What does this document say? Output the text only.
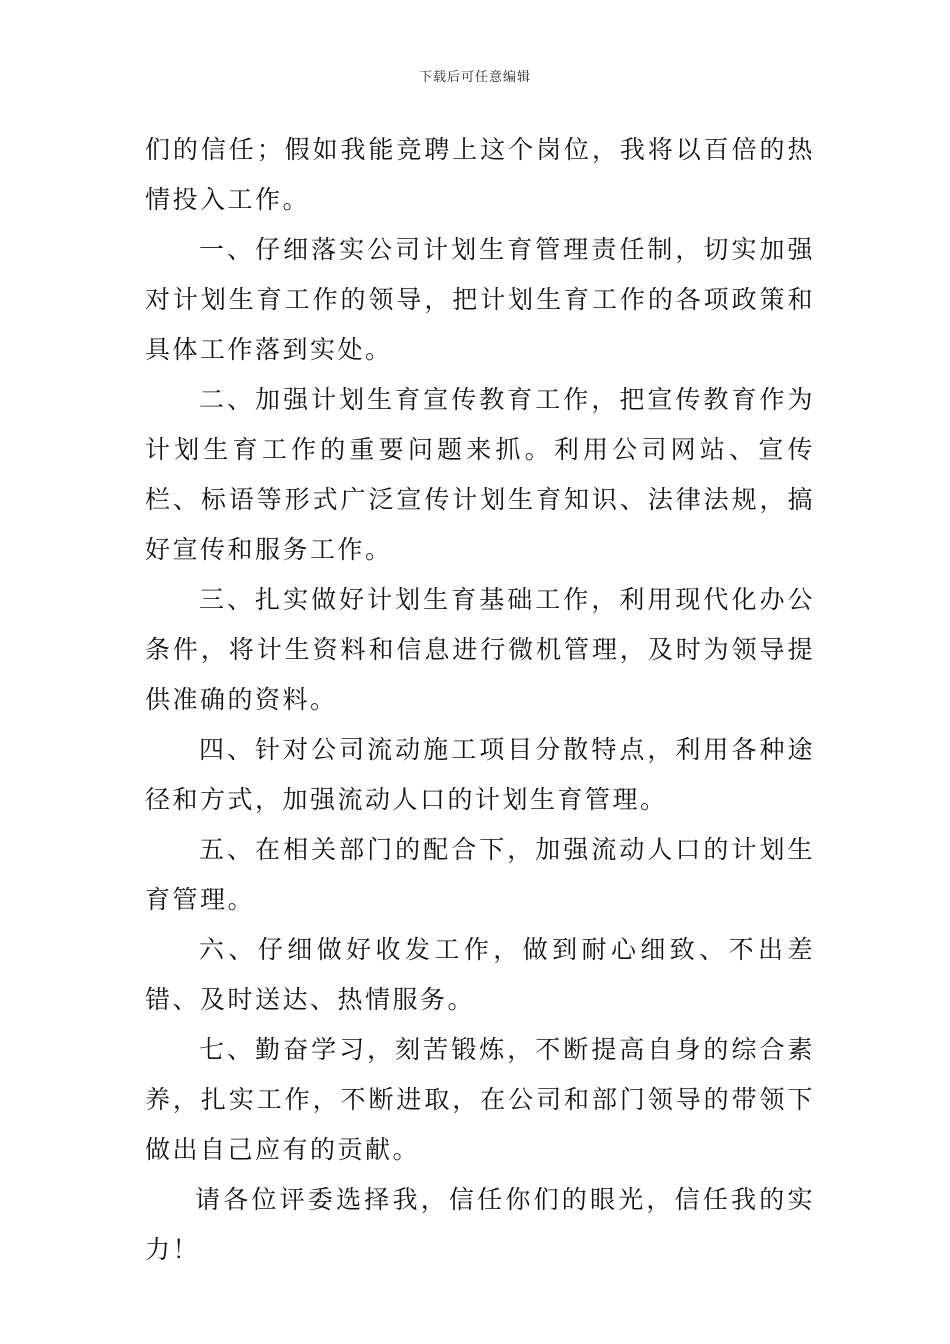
下载后可任意编辑

们的信任；假如我能竞聘上这个岗位，我将以百倍的热情投入工作。

一、仔细落实公司计划生育管理责任制，切实加强对计划生育工作的领导，把计划生育工作的各项政策和具体工作落到实处。

二、加强计划生育宣传教育工作，把宣传教育作为计划生育工作的重要问题来抓。利用公司网站、宣传栏、标语等形式广泛宣传计划生育知识、法律法规，搞好宣传和服务工作。

三、扎实做好计划生育基础工作，利用现代化办公条件，将计生资料和信息进行微机管理，及时为领导提供准确的资料。

四、针对公司流动施工项目分散特点，利用各种途径和方式，加强流动人口的计划生育管理。

五、在相关部门的配合下，加强流动人口的计划生育管理。

六、仔细做好收发工作，做到耐心细致、不出差错、及时送达、热情服务。

七、勤奋学习，刻苦锻炼，不断提高自身的综合素养，扎实工作，不断进取，在公司和部门领导的带领下做出自己应有的贡献。

请各位评委选择我，信任你们的眼光，信任我的实力！
